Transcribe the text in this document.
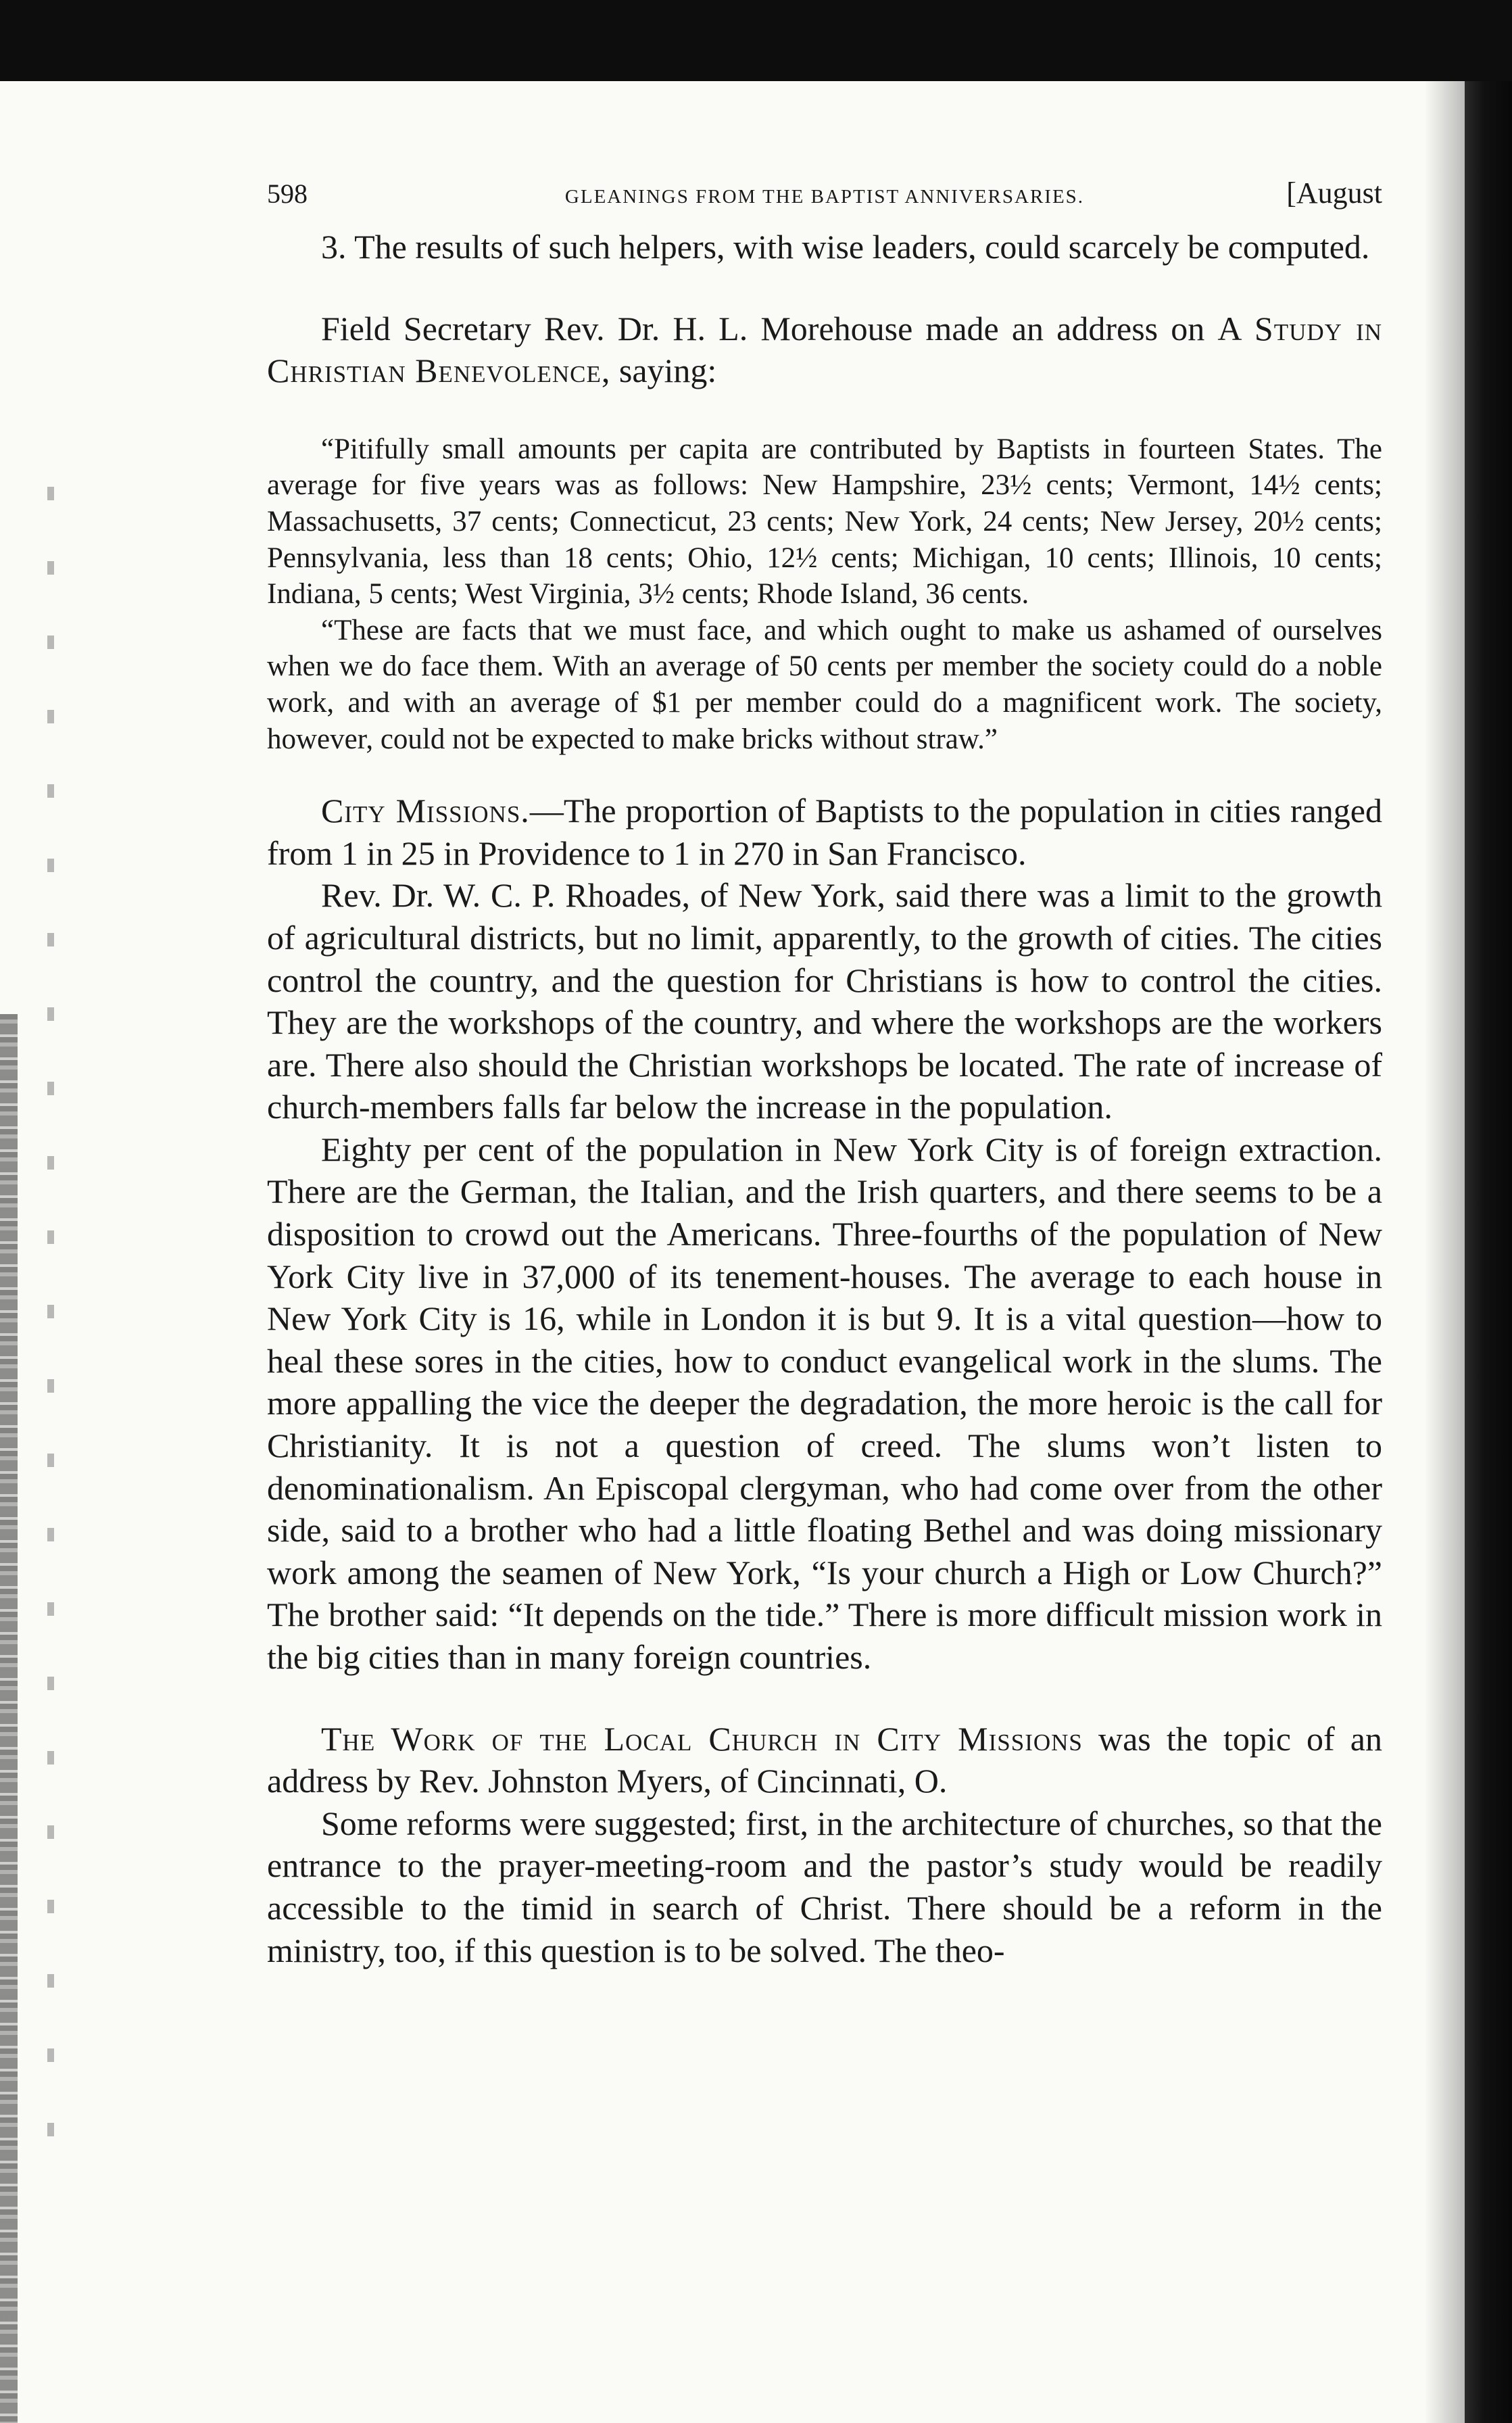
598	GLEANINGS FROM THE BAPTIST ANNIVERSARIES.	[August

3. The results of such helpers, with wise leaders, could scarcely be computed.

Field Secretary Rev. Dr. H. L. Morehouse made an address on A Study in Christian Benevolence, saying:

“Pitifully small amounts per capita are contributed by Baptists in fourteen States. The average for five years was as follows: New Hampshire, 23½ cents; Vermont, 14½ cents; Massachusetts, 37 cents; Connecticut, 23 cents; New York, 24 cents; New Jersey, 20½ cents; Pennsylvania, less than 18 cents; Ohio, 12½ cents; Michigan, 10 cents; Illinois, 10 cents; Indiana, 5 cents; West Virginia, 3½ cents; Rhode Island, 36 cents.

“These are facts that we must face, and which ought to make us ashamed of ourselves when we do face them. With an average of 50 cents per member the society could do a noble work, and with an average of $1 per member could do a magnificent work. The society, however, could not be expected to make bricks without straw.”

City Missions.—The proportion of Baptists to the population in cities ranged from 1 in 25 in Providence to 1 in 270 in San Francisco.

Rev. Dr. W. C. P. Rhoades, of New York, said there was a limit to the growth of agricultural districts, but no limit, apparently, to the growth of cities. The cities control the country, and the question for Christians is how to control the cities. They are the workshops of the country, and where the workshops are the workers are. There also should the Christian workshops be located. The rate of increase of church-members falls far below the increase in the population.

Eighty per cent of the population in New York City is of foreign extraction. There are the German, the Italian, and the Irish quarters, and there seems to be a disposition to crowd out the Americans. Three-fourths of the population of New York City live in 37,000 of its tenement-houses. The average to each house in New York City is 16, while in London it is but 9. It is a vital question—how to heal these sores in the cities, how to conduct evangelical work in the slums. The more appalling the vice the deeper the degradation, the more heroic is the call for Christianity. It is not a question of creed. The slums won’t listen to denominationalism. An Episcopal clergyman, who had come over from the other side, said to a brother who had a little floating Bethel and was doing missionary work among the seamen of New York, “Is your church a High or Low Church?” The brother said: “It depends on the tide.” There is more difficult mission work in the big cities than in many foreign countries.

The Work of the Local Church in City Missions was the topic of an address by Rev. Johnston Myers, of Cincinnati, O.

Some reforms were suggested; first, in the architecture of churches, so that the entrance to the prayer-meeting-room and the pastor’s study would be readily accessible to the timid in search of Christ. There should be a reform in the ministry, too, if this question is to be solved. The theo-
